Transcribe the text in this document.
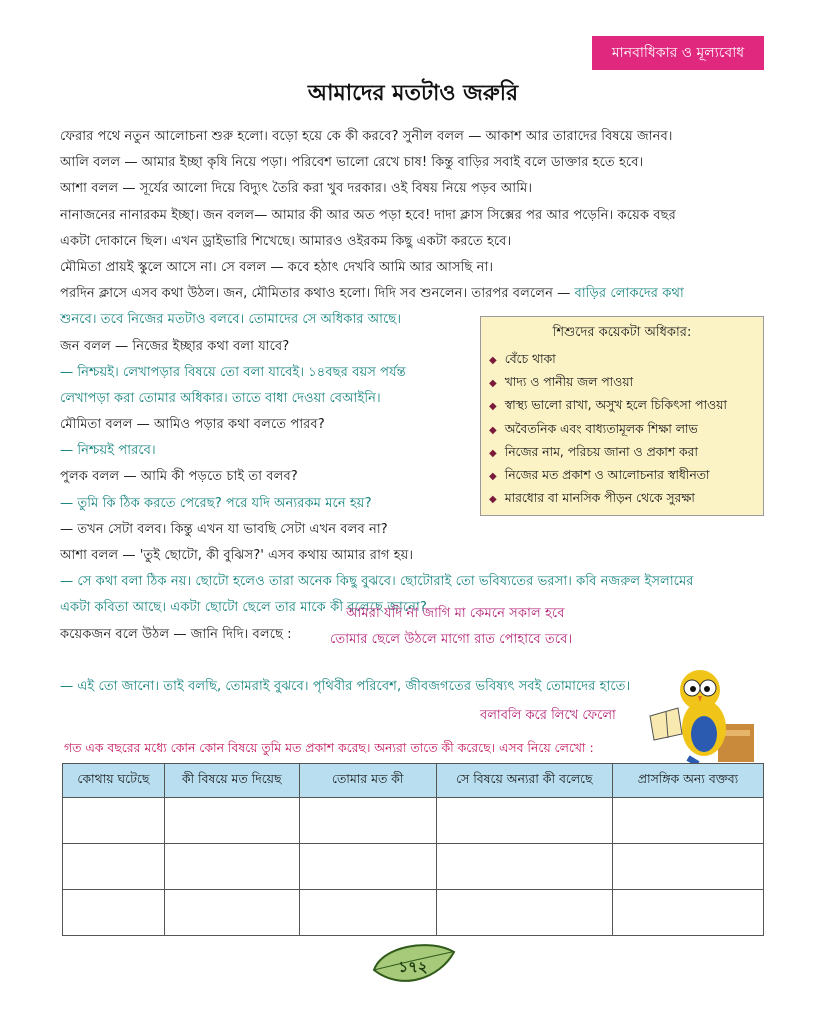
মানবাধিকার ও মূল্যবোধ
আমাদের মতটাও জরুরি
ফেরার পথে নতুন আলোচনা শুরু হলো। বড়ো হয়ে কে কী করবে? সুনীল বলল — আকাশ আর তারাদের বিষয়ে জানব।
আলি বলল — আমার ইচ্ছা কৃষি নিয়ে পড়া। পরিবেশ ভালো রেখে চাষ! কিন্তু বাড়ির সবাই বলে ডাক্তার হতে হবে।
আশা বলল — সূর্যের আলো দিয়ে বিদ্যুৎ তৈরি করা খুব দরকার। ওই বিষয় নিয়ে পড়ব আমি।
নানাজনের নানারকম ইচ্ছা। জন বলল— আমার কী আর অত পড়া হবে! দাদা ক্লাস সিক্সের পর আর পড়েনি। কয়েক বছর
একটা দোকানে ছিল। এখন ড্রাইভারি শিখেছে। আমারও ওইরকম কিছু একটা করতে হবে।
মৌমিতা প্রায়ই স্কুলে আসে না। সে বলল — কবে হঠাৎ দেখবি আমি আর আসছি না।
পরদিন ক্লাসে এসব কথা উঠল। জন, মৌমিতার কথাও হলো। দিদি সব শুনলেন। তারপর বললেন — বাড়ির লোকদের কথা
শুনবে। তবে নিজের মতটাও বলবে। তোমাদের সে অধিকার আছে।
জন বলল — নিজের ইচ্ছার কথা বলা যাবে?
— নিশ্চয়ই। লেখাপড়ার বিষয়ে তো বলা যাবেই। ১৪বছর বয়স পর্যন্ত
লেখাপড়া করা তোমার অধিকার। তাতে বাধা দেওয়া বেআইনি।
মৌমিতা বলল — আমিও পড়ার কথা বলতে পারব?
— নিশ্চয়ই পারবে।
পুলক বলল — আমি কী পড়তে চাই তা বলব?
— তুমি কি ঠিক করতে পেরেছ? পরে যদি অন্যরকম মনে হয়?
— তখন সেটা বলব। কিন্তু এখন যা ভাবছি সেটা এখন বলব না?
আশা বলল — 'তুই ছোটো, কী বুঝিস?' এসব কথায় আমার রাগ হয়।
— সে কথা বলা ঠিক নয়। ছোটো হলেও তারা অনেক কিছু বুঝবে। ছোটোরাই তো ভবিষ্যতের ভরসা। কবি নজরুল ইসলামের
একটা কবিতা আছে। একটা ছোটো ছেলে তার মাকে কী বলেছে জানো?
কয়েকজন বলে উঠল — জানি দিদি। বলছে :
— এই তো জানো। তাই বলছি, তোমরাই বুঝবে। পৃথিবীর পরিবেশ, জীবজগতের ভবিষ্যৎ সবই তোমাদের হাতে।
শিশুদের কয়েকটা অধিকার:
◆ বেঁচে থাকা
◆ খাদ্য ও পানীয় জল পাওয়া
◆ স্বাস্থ্য ভালো রাখা, অসুখ হলে চিকিৎসা পাওয়া
◆ অবৈতনিক এবং বাধ্যতামূলক শিক্ষা লাভ
◆ নিজের নাম, পরিচয় জানা ও প্রকাশ করা
◆ নিজের মত প্রকাশ ও আলোচনার স্বাধীনতা
◆ মারধোর বা মানসিক পীড়ন থেকে সুরক্ষা
আমরা যদি না জাগি মা কেমনে সকাল হবে
তোমার ছেলে উঠলে মাগো রাত পোহাবে তবে।
বলাবলি করে লিখে ফেলো
গত এক বছরের মধ্যে কোন কোন বিষয়ে তুমি মত প্রকাশ করেছ। অন্যরা তাতে কী করেছে। এসব নিয়ে লেখো :
কোথায় ঘটেছে	কী বিষয়ে মত দিয়েছ	তোমার মত কী	সে বিষয়ে অন্যরা কী বলেছে	প্রাসঙ্গিক অন্য বক্তব্য

১৭২
